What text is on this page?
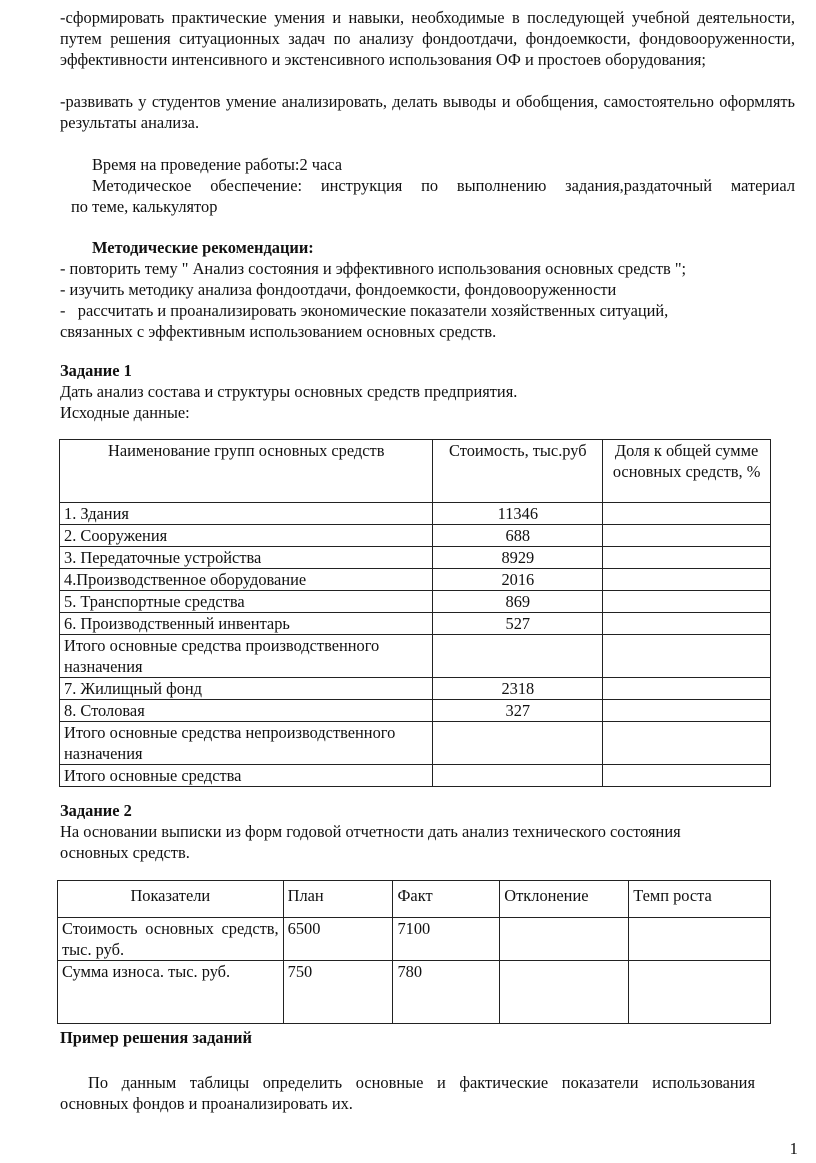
-сформировать практические умения и навыки, необходимые в последующей учебной деятельности, путем решения ситуационных задач по анализу фондоотдачи, фондоемкости, фондовооруженности, эффективности интенсивного и экстенсивного использования ОФ и простоев оборудования;
-развивать у студентов умение анализировать, делать выводы и обобщения, самостоятельно оформлять результаты анализа.
Время на проведение работы:2 часа
Методическое обеспечение: инструкция по выполнению задания,раздаточный материал
по теме, калькулятор
Методические рекомендации:
- повторить тему " Анализ состояния и эффективного использования основных средств ";
- изучить методику анализа фондоотдачи, фондоемкости, фондовооруженности
-   рассчитать и проанализировать экономические показатели хозяйственных ситуаций,
связанных с эффективным использованием основных средств.
Задание 1
Дать анализ состава и структуры основных средств предприятия.
Исходные данные:
Наименование групп основных средств	Стоимость, тыс.руб	Доля к общей сумме основных средств, %
1. Здания	11346	
2. Сооружения	688	
3. Передаточные устройства	8929	
4.Производственное оборудование	2016	
5. Транспортные средства	869	
6. Производственный инвентарь	527	
Итого основные средства производственного назначения		
7. Жилищный фонд	2318	
8. Столовая	327	
Итого основные средства непроизводственного назначения		
Итого основные средства		
Задание 2
На основании выписки из форм годовой отчетности дать анализ технического состояния
основных средств.
Показатели	План	Факт	Отклонение	Темп роста
Стоимость основных средств, тыс. руб.	6500	7100		
Сумма износа. тыс. руб.	750	780		
Пример решения заданий
По данным таблицы определить основные и фактические показатели использования
основных фондов и проанализировать их.
1
